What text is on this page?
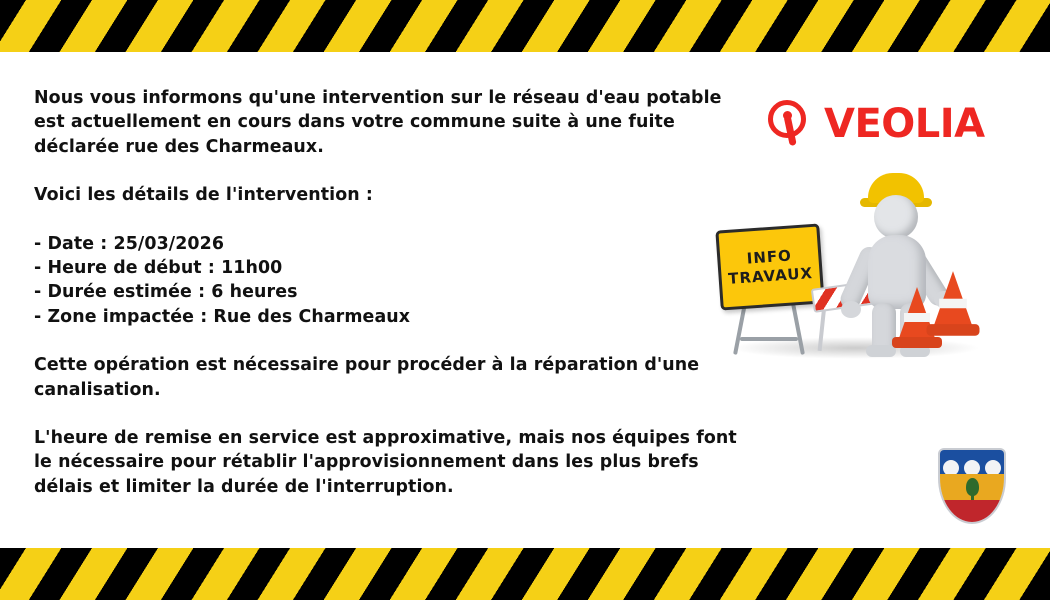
Nous vous informons qu'une intervention sur le réseau d'eau potable est actuellement en cours dans votre commune suite à une fuite déclarée rue des Charmeaux.

Voici les détails de l'intervention :

- Date : 25/03/2026
- Heure de début : 11h00
- Durée estimée : 6 heures
- Zone impactée : Rue des Charmeaux

Cette opération est nécessaire pour procéder à la réparation d'une canalisation.

L'heure de remise en service est approximative, mais nos équipes font le nécessaire pour rétablir l'approvisionnement dans les plus brefs délais et limiter la durée de l'interruption.

VEOLIA
INFO
TRAVAUX
